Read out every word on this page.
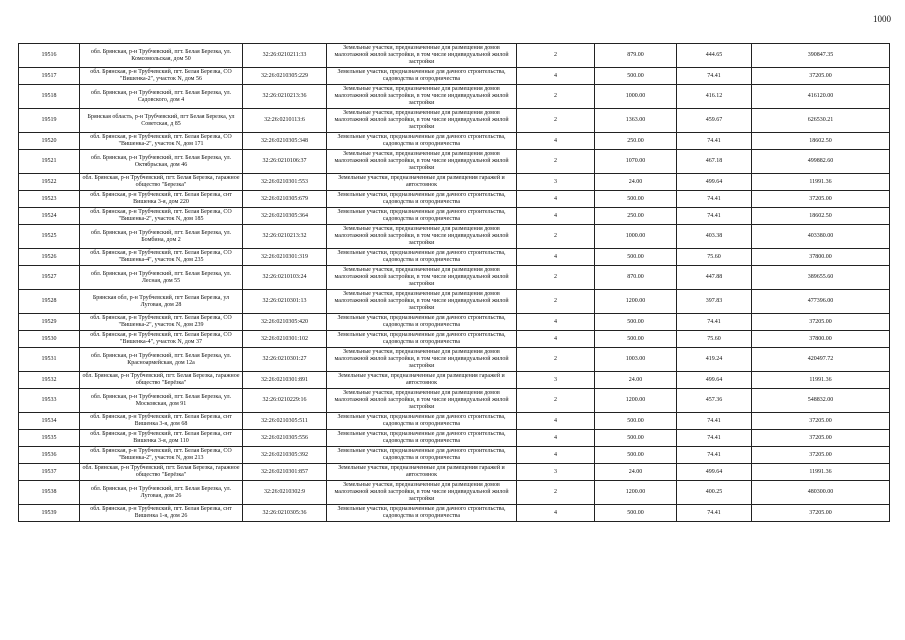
1000
19516	обл. Брянская, р-н Трубчевский, пгт. Белая Березка, ул. Комсомольская, дом 50	32:26:0210211:33	Земельные участки, предназначенные для размещения домов малоэтажной жилой застройки, в том числе индивидуальной жилой застройки	2	879.00	444.65	390847.35
19517	обл. Брянская, р-н Трубчевский, пгт. Белая Березка, СО "Вишенка-2", участок N, дом 56	32:26:0210305:229	Земельные участки, предназначенные для дачного строительства, садоводства и огородничества	4	500.00	74.41	37205.00
19518	обл. Брянская, р-н Трубчевский, пгт. Белая Березка, ул. Садовского, дом 4	32:26:0210213:36	Земельные участки, предназначенные для размещения домов малоэтажной жилой застройки, в том числе индивидуальной жилой застройки	2	1000.00	416.12	416120.00
19519	Брянская область, р-н Трубчевский, пгт Белая Березка, ул Советская, д 85	32:26:0210113:6	Земельные участки, предназначенные для размещения домов малоэтажной жилой застройки, в том числе индивидуальной жилой застройки	2	1363.00	459.67	626530.21
19520	обл. Брянская, р-н Трубчевский, пгт. Белая Березка, СО "Вишенка-2", участок N, дом 171	32:26:0210305:348	Земельные участки, предназначенные для дачного строительства, садоводства и огородничества	4	250.00	74.41	18602.50
19521	обл. Брянская, р-н Трубчевский, пгт. Белая Березка, ул. Октябрьская, дом 46	32:26:0210106:37	Земельные участки, предназначенные для размещения домов малоэтажной жилой застройки, в том числе индивидуальной жилой застройки	2	1070.00	467.18	499882.60
19522	обл. Брянская, р-н Трубчевский, пгт. Белая Березка, гаражное общество "Березка"	32:26:0210301:553	Земельные участки, предназначенные для размещения гаражей и автостоянок	3	24.00	499.64	11991.36
19523	обл. Брянская, р-н Трубчевский, пгт. Белая Березка, снт Вишенка 3-я, дом 220	32:26:0210305:679	Земельные участки, предназначенные для дачного строительства, садоводства и огородничества	4	500.00	74.41	37205.00
19524	обл. Брянская, р-н Трубчевский, пгт. Белая Березка, СО "Вишенка-2", участок N, дом 185	32:26:0210305:364	Земельные участки, предназначенные для дачного строительства, садоводства и огородничества	4	250.00	74.41	18602.50
19525	обл. Брянская, р-н Трубчевский, пгт. Белая Березка, ул. Бомбина, дом 2	32:26:0210213:32	Земельные участки, предназначенные для размещения домов малоэтажной жилой застройки, в том числе индивидуальной жилой застройки	2	1000.00	403.38	403380.00
19526	обл. Брянская, р-н Трубчевский, пгт. Белая Березка, СО "Вишенка-4", участок N, дом 235	32:26:0210301:319	Земельные участки, предназначенные для дачного строительства, садоводства и огородничества	4	500.00	75.60	37800.00
19527	обл. Брянская, р-н Трубчевский, пгт. Белая Березка, ул. Лесная, дом 55	32:26:0210103:24	Земельные участки, предназначенные для размещения домов малоэтажной жилой застройки, в том числе индивидуальной жилой застройки	2	870.00	447.88	389655.60
19528	Брянская обл, р-н Трубчевский, пгт Белая Березка, ул Луговая, дом 28	32:26:0210301:13	Земельные участки, предназначенные для размещения домов малоэтажной жилой застройки, в том числе индивидуальной жилой застройки	2	1200.00	397.83	477396.00
19529	обл. Брянская, р-н Трубчевский, пгт. Белая Березка, СО "Вишенка-2", участок N, дом 239	32:26:0210305:420	Земельные участки, предназначенные для дачного строительства, садоводства и огородничества	4	500.00	74.41	37205.00
19530	обл. Брянская, р-н Трубчевский, пгт. Белая Березка, СО "Вишенка-4", участок N, дом 37	32:26:0210301:102	Земельные участки, предназначенные для дачного строительства, садоводства и огородничества	4	500.00	75.60	37800.00
19531	обл. Брянская, р-н Трубчевский, пгт. Белая Березка, ул. Красноармейская, дом 12а	32:26:0210301:27	Земельные участки, предназначенные для размещения домов малоэтажной жилой застройки, в том числе индивидуальной жилой застройки	2	1003.00	419.24	420497.72
19532	обл. Брянская, р-н Трубчевский, пгт. Белая Березка, гаражное общество "Берёзка"	32:26:0210301:891	Земельные участки, предназначенные для размещения гаражей и автостоянок	3	24.00	499.64	11991.36
19533	обл. Брянская, р-н Трубчевский, пгт. Белая Березка, ул. Московская, дом 91	32:26:0210229:16	Земельные участки, предназначенные для размещения домов малоэтажной жилой застройки, в том числе индивидуальной жилой застройки	2	1200.00	457.36	548832.00
19534	обл. Брянская, р-н Трубчевский, пгт. Белая Березка, снт Вишенка 3-я, дом 68	32:26:0210305:511	Земельные участки, предназначенные для дачного строительства, садоводства и огородничества	4	500.00	74.41	37205.00
19535	обл. Брянская, р-н Трубчевский, пгт. Белая Березка, снт Вишенка 3-я, дом 110	32:26:0210305:556	Земельные участки, предназначенные для дачного строительства, садоводства и огородничества	4	500.00	74.41	37205.00
19536	обл. Брянская, р-н Трубчевский, пгт. Белая Березка, СО "Вишенка-2", участок N, дом 213	32:26:0210305:392	Земельные участки, предназначенные для дачного строительства, садоводства и огородничества	4	500.00	74.41	37205.00
19537	обл. Брянская, р-н Трубчевский, пгт. Белая Березка, гаражное общество "Берёзка"	32:26:0210301:857	Земельные участки, предназначенные для размещения гаражей и автостоянок	3	24.00	499.64	11991.36
19538	обл. Брянская, р-н Трубчевский, пгт. Белая Березка, ул. Луговая, дом 26	32:26:0210302:9	Земельные участки, предназначенные для размещения домов малоэтажной жилой застройки, в том числе индивидуальной жилой застройки	2	1200.00	400.25	480300.00
19539	обл. Брянская, р-н Трубчевский, пгт. Белая Березка, снт Вишенка 1-я, дом 26	32:26:0210305:36	Земельные участки, предназначенные для дачного строительства, садоводства и огородничества	4	500.00	74.41	37205.00
